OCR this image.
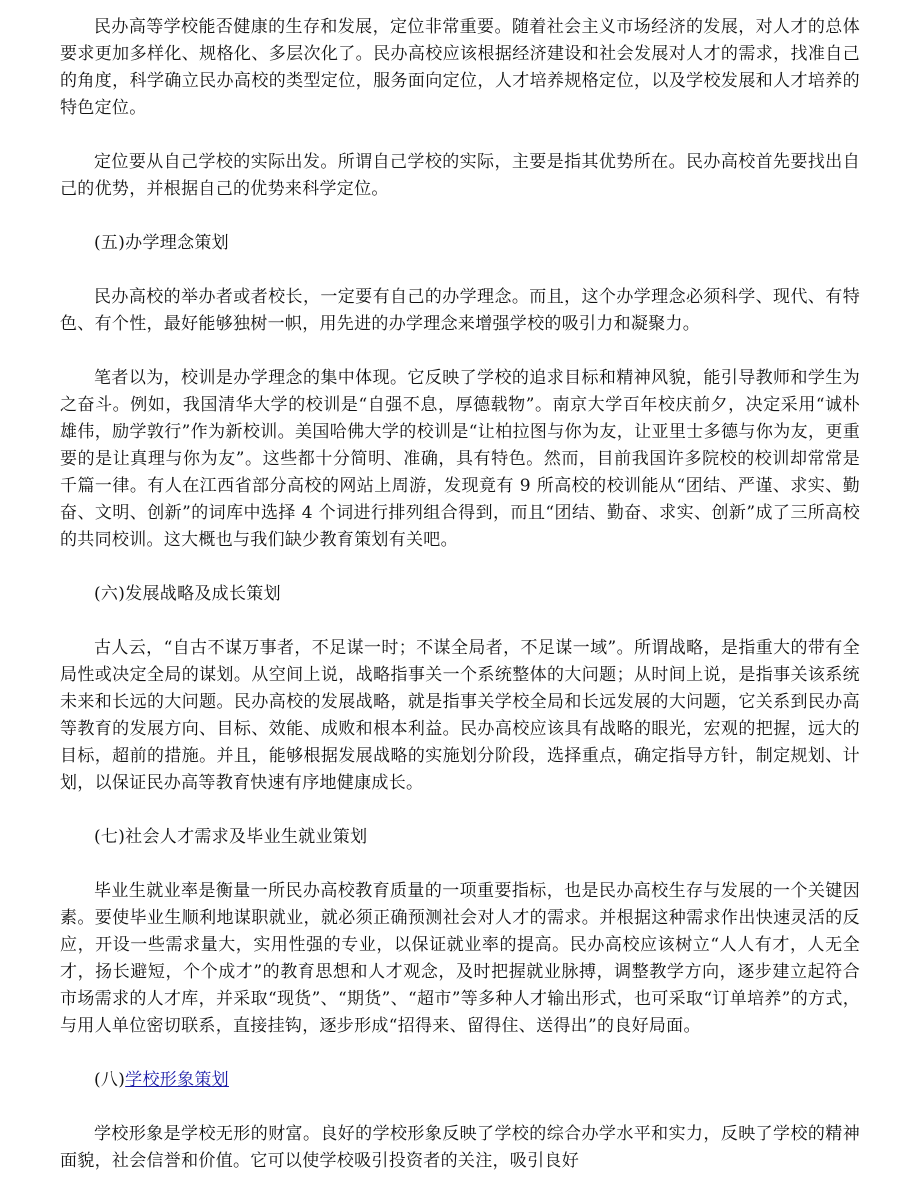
民办高等学校能否健康的生存和发展，定位非常重要。随着社会主义市场经济的发展，对人才的总体要求更加多样化、规格化、多层次化了。民办高校应该根据经济建设和社会发展对人才的需求，找准自己的角度，科学确立民办高校的类型定位，服务面向定位，人才培养规格定位，以及学校发展和人才培养的特色定位。

定位要从自己学校的实际出发。所谓自己学校的实际，主要是指其优势所在。民办高校首先要找出自己的优势，并根据自己的优势来科学定位。

(五)办学理念策划

民办高校的举办者或者校长，一定要有自己的办学理念。而且，这个办学理念必须科学、现代、有特色、有个性，最好能够独树一帜，用先进的办学理念来增强学校的吸引力和凝聚力。

笔者以为，校训是办学理念的集中体现。它反映了学校的追求目标和精神风貌，能引导教师和学生为之奋斗。例如，我国清华大学的校训是“自强不息，厚德载物”。南京大学百年校庆前夕，决定采用“诚朴雄伟，励学敦行”作为新校训。美国哈佛大学的校训是“让柏拉图与你为友，让亚里士多德与你为友，更重要的是让真理与你为友”。这些都十分简明、准确，具有特色。然而，目前我国许多院校的校训却常常是千篇一律。有人在江西省部分高校的网站上周游，发现竟有 9 所高校的校训能从“团结、严谨、求实、勤奋、文明、创新”的词库中选择 4 个词进行排列组合得到，而且“团结、勤奋、求实、创新”成了三所高校的共同校训。这大概也与我们缺少教育策划有关吧。

(六)发展战略及成长策划

古人云，“自古不谋万事者，不足谋一时；不谋全局者，不足谋一域”。所谓战略，是指重大的带有全局性或决定全局的谋划。从空间上说，战略指事关一个系统整体的大问题；从时间上说，是指事关该系统未来和长远的大问题。民办高校的发展战略，就是指事关学校全局和长远发展的大问题，它关系到民办高等教育的发展方向、目标、效能、成败和根本利益。民办高校应该具有战略的眼光，宏观的把握，远大的目标，超前的措施。并且，能够根据发展战略的实施划分阶段，选择重点，确定指导方针，制定规划、计划，以保证民办高等教育快速有序地健康成长。

(七)社会人才需求及毕业生就业策划

毕业生就业率是衡量一所民办高校教育质量的一项重要指标，也是民办高校生存与发展的一个关键因素。要使毕业生顺利地谋职就业，就必须正确预测社会对人才的需求。并根据这种需求作出快速灵活的反应，开设一些需求量大，实用性强的专业，以保证就业率的提高。民办高校应该树立“人人有才，人无全才，扬长避短，个个成才”的教育思想和人才观念，及时把握就业脉搏，调整教学方向，逐步建立起符合市场需求的人才库，并采取“现货”、“期货”、“超市”等多种人才输出形式，也可采取“订单培养”的方式，与用人单位密切联系，直接挂钩，逐步形成“招得来、留得住、送得出”的良好局面。

(八)学校形象策划

学校形象是学校无形的财富。良好的学校形象反映了学校的综合办学水平和实力，反映了学校的精神面貌，社会信誉和价值。它可以使学校吸引投资者的关注，吸引良好
